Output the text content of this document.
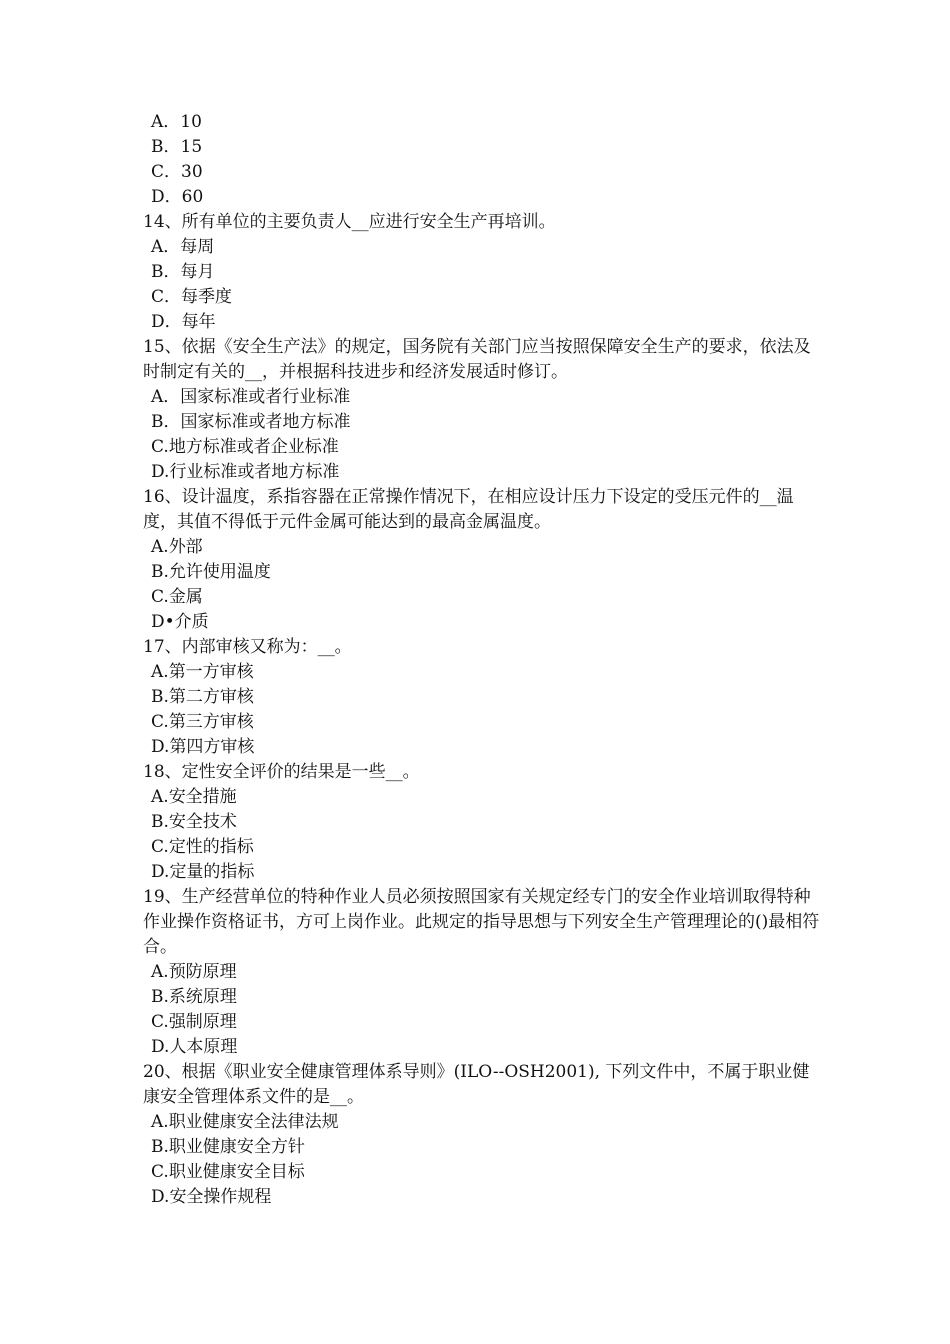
A．10
B．15
C．30
D．60
14、所有单位的主要负责人__应进行安全生产再培训。
A．每周
B．每月
C．每季度
D．每年
15、依据《安全生产法》的规定，国务院有关部门应当按照保障安全生产的要求，依法及时制定有关的__，并根据科技进步和经济发展适时修订。
A．国家标准或者行业标准
B．国家标准或者地方标准
C.地方标准或者企业标准
D.行业标准或者地方标准
16、设计温度，系指容器在正常操作情况下，在相应设计压力下设定的受压元件的__温度，其值不得低于元件金属可能达到的最高金属温度。
A.外部
B.允许使用温度
C.金属
D•介质
17、内部审核又称为：__。
A.第一方审核
B.第二方审核
C.第三方审核
D.第四方审核
18、定性安全评价的结果是一些__。
A.安全措施
B.安全技术
C.定性的指标
D.定量的指标
19、生产经营单位的特种作业人员必须按照国家有关规定经专门的安全作业培训取得特种作业操作资格证书，方可上岗作业。此规定的指导思想与下列安全生产管理理论的()最相符合。
A.预防原理
B.系统原理
C.强制原理
D.人本原理
20、根据《职业安全健康管理体系导则》(ILO--OSH2001), 下列文件中，不属于职业健康安全管理体系文件的是__。
A.职业健康安全法律法规
B.职业健康安全方针
C.职业健康安全目标
D.安全操作规程
